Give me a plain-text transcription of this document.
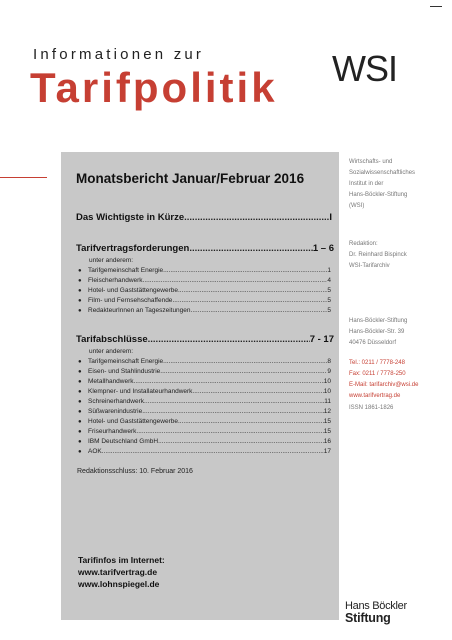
Informationen zur
Tarifpolitik WSI
Monatsbericht Januar/Februar 2016
Das Wichtigste in Kürze .....	I
Tarifvertragsforderungen .....	1 – 6
unter anderem:
● Tarifgemeinschaft Energie .....	1
● Fleischerhandwerk .....	4
● Hotel- und Gaststättengewerbe .....	5
● Film- und Fernsehschaffende .....	5
● RedakteurInnen an Tageszeitungen .....	5
Tarifabschlüsse .....	7 - 17
unter anderem:
● Tarifgemeinschaft Energie .....	8
● Eisen- und Stahlindustrie .....	9
● Metallhandwerk .....	10
● Klempner- und Installateurhandwerk .....	10
● Schreinerhandwerk .....	11
● Süßwarenindustrie .....	12
● Hotel- und Gaststättengewerbe .....	15
● Friseurhandwerk .....	15
● IBM Deutschland GmbH .....	16
● AOK .....	17
Redaktionsschluss: 10. Februar 2016
Tarifinfos im Internet:
www.tarifvertrag.de
www.lohnspiegel.de
Wirtschafts- und
Sozialwissenschaftliches
Institut in der
Hans-Böckler-Stiftung
(WSI)
Redaktion:
Dr. Reinhard Bispinck
WSI-Tarifarchiv
Hans-Böckler-Stiftung
Hans-Böckler-Str. 39
40476 Düsseldorf
Tel.: 0211 / 7778-248
Fax: 0211 / 7778-250
E-Mail: tarifarchiv@wsi.de
www.tarifvertrag.de
ISSN 1861-1826
Hans Böckler
Stiftung
